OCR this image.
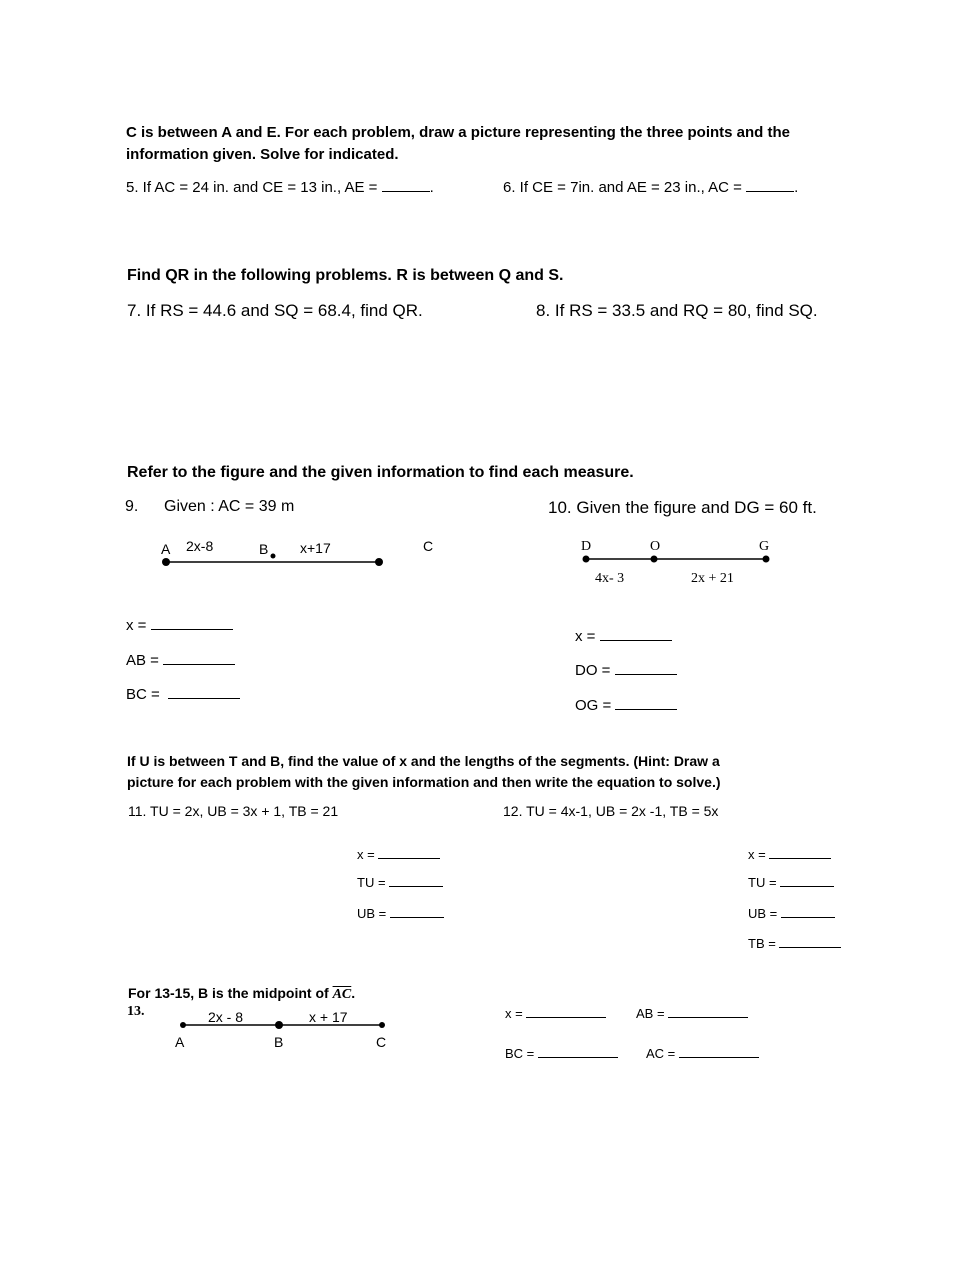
C is between A and E. For each problem, draw a picture representing the three points and the
information given. Solve for indicated.
5. If AC = 24 in. and CE = 13 in., AE =	.	6. If CE = 7in. and AE = 23 in., AC =	.
Find QR in the following problems. R is between Q and S.
7. If RS = 44.6 and SQ = 68.4, find QR.	8. If RS = 33.5 and RQ = 80, find SQ.
Refer to the figure and the given information to find each measure.
9. Given : AC = 39 m	10. Given the figure and DG = 60 ft.
A 2x-8	B x+17	C	D	O	G
4x- 3	2x + 21
x =
AB =
BC =
x =
DO =
OG =
If U is between T and B, find the value of x and the lengths of the segments. (Hint: Draw a
picture for each problem with the given information and then write the equation to solve.)
11. TU = 2x, UB = 3x + 1, TB = 21	12. TU = 4x-1, UB = 2x -1, TB = 5x
x =
TU =
UB =
x =
TU =
UB =
TB =
For 13-15, B is the midpoint of $\overline{AC}$.
13.	2x - 8	x + 17
A	B	C
x =	AB =
BC =	AC =
